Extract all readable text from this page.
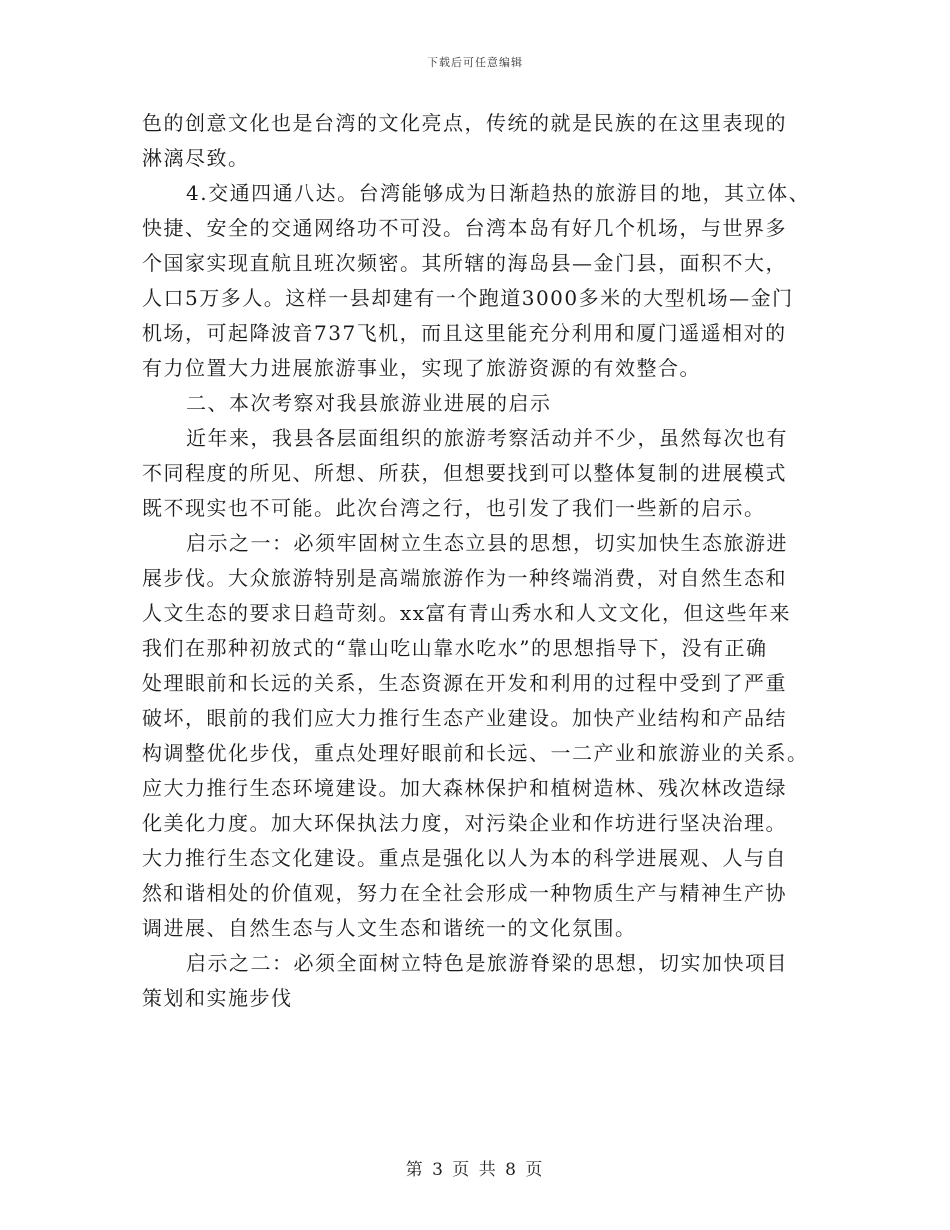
下载后可任意编辑
色的创意文化也是台湾的文化亮点，传统的就是民族的在这里表现的
淋漓尽致。
4.交通四通八达。台湾能够成为日渐趋热的旅游目的地，其立体、
快捷、安全的交通网络功不可没。台湾本岛有好几个机场，与世界多
个国家实现直航且班次频密。其所辖的海岛县—金门县，面积不大，
人口5万多人。这样一县却建有一个跑道3000多米的大型机场—金门
机场，可起降波音737飞机，而且这里能充分利用和厦门遥遥相对的
有力位置大力进展旅游事业，实现了旅游资源的有效整合。
二、本次考察对我县旅游业进展的启示
近年来，我县各层面组织的旅游考察活动并不少，虽然每次也有
不同程度的所见、所想、所获，但想要找到可以整体复制的进展模式
既不现实也不可能。此次台湾之行，也引发了我们一些新的启示。
启示之一：必须牢固树立生态立县的思想，切实加快生态旅游进
展步伐。大众旅游特别是高端旅游作为一种终端消费，对自然生态和
人文生态的要求日趋苛刻。xx富有青山秀水和人文文化，但这些年来
我们在那种初放式的“靠山吃山靠水吃水”的思想指导下，没有正确
处理眼前和长远的关系，生态资源在开发和利用的过程中受到了严重
破坏，眼前的我们应大力推行生态产业建设。加快产业结构和产品结
构调整优化步伐，重点处理好眼前和长远、一二产业和旅游业的关系。
应大力推行生态环境建设。加大森林保护和植树造林、残次林改造绿
化美化力度。加大环保执法力度，对污染企业和作坊进行坚决治理。
大力推行生态文化建设。重点是强化以人为本的科学进展观、人与自
然和谐相处的价值观，努力在全社会形成一种物质生产与精神生产协
调进展、自然生态与人文生态和谐统一的文化氛围。
启示之二：必须全面树立特色是旅游脊梁的思想，切实加快项目
策划和实施步伐
第 3 页 共 8 页
